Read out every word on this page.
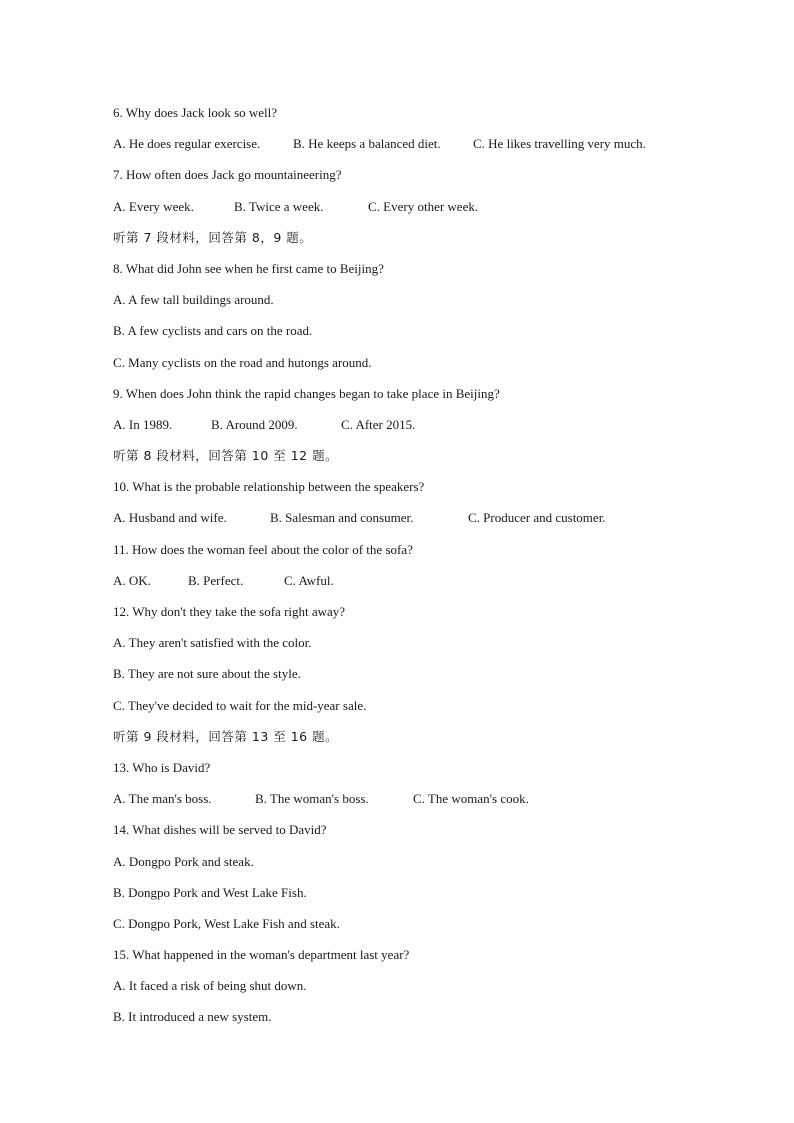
6. Why does Jack look so well?
A. He does regular exercise.	B. He keeps a balanced diet.	C. He likes travelling very much.
7. How often does Jack go mountaineering?
A. Every week.	B. Twice a week.	C. Every other week.
听第 7 段材料，回答第 8，9 题。
8. What did John see when he first came to Beijing?
A. A few tall buildings around.
B. A few cyclists and cars on the road.
C. Many cyclists on the road and hutongs around.
9. When does John think the rapid changes began to take place in Beijing?
A. In 1989.	B. Around 2009.	C. After 2015.
听第 8 段材料，回答第 10 至 12 题。
10. What is the probable relationship between the speakers?
A. Husband and wife.	B. Salesman and consumer.	C. Producer and customer.
11. How does the woman feel about the color of the sofa?
A. OK.	B. Perfect.	C. Awful.
12. Why don't they take the sofa right away?
A. They aren't satisfied with the color.
B. They are not sure about the style.
C. They've decided to wait for the mid-year sale.
听第 9 段材料，回答第 13 至 16 题。
13. Who is David?
A. The man's boss.	B. The woman's boss.	C. The woman's cook.
14. What dishes will be served to David?
A. Dongpo Pork and steak.
B. Dongpo Pork and West Lake Fish.
C. Dongpo Pork, West Lake Fish and steak.
15. What happened in the woman's department last year?
A. It faced a risk of being shut down.
B. It introduced a new system.
